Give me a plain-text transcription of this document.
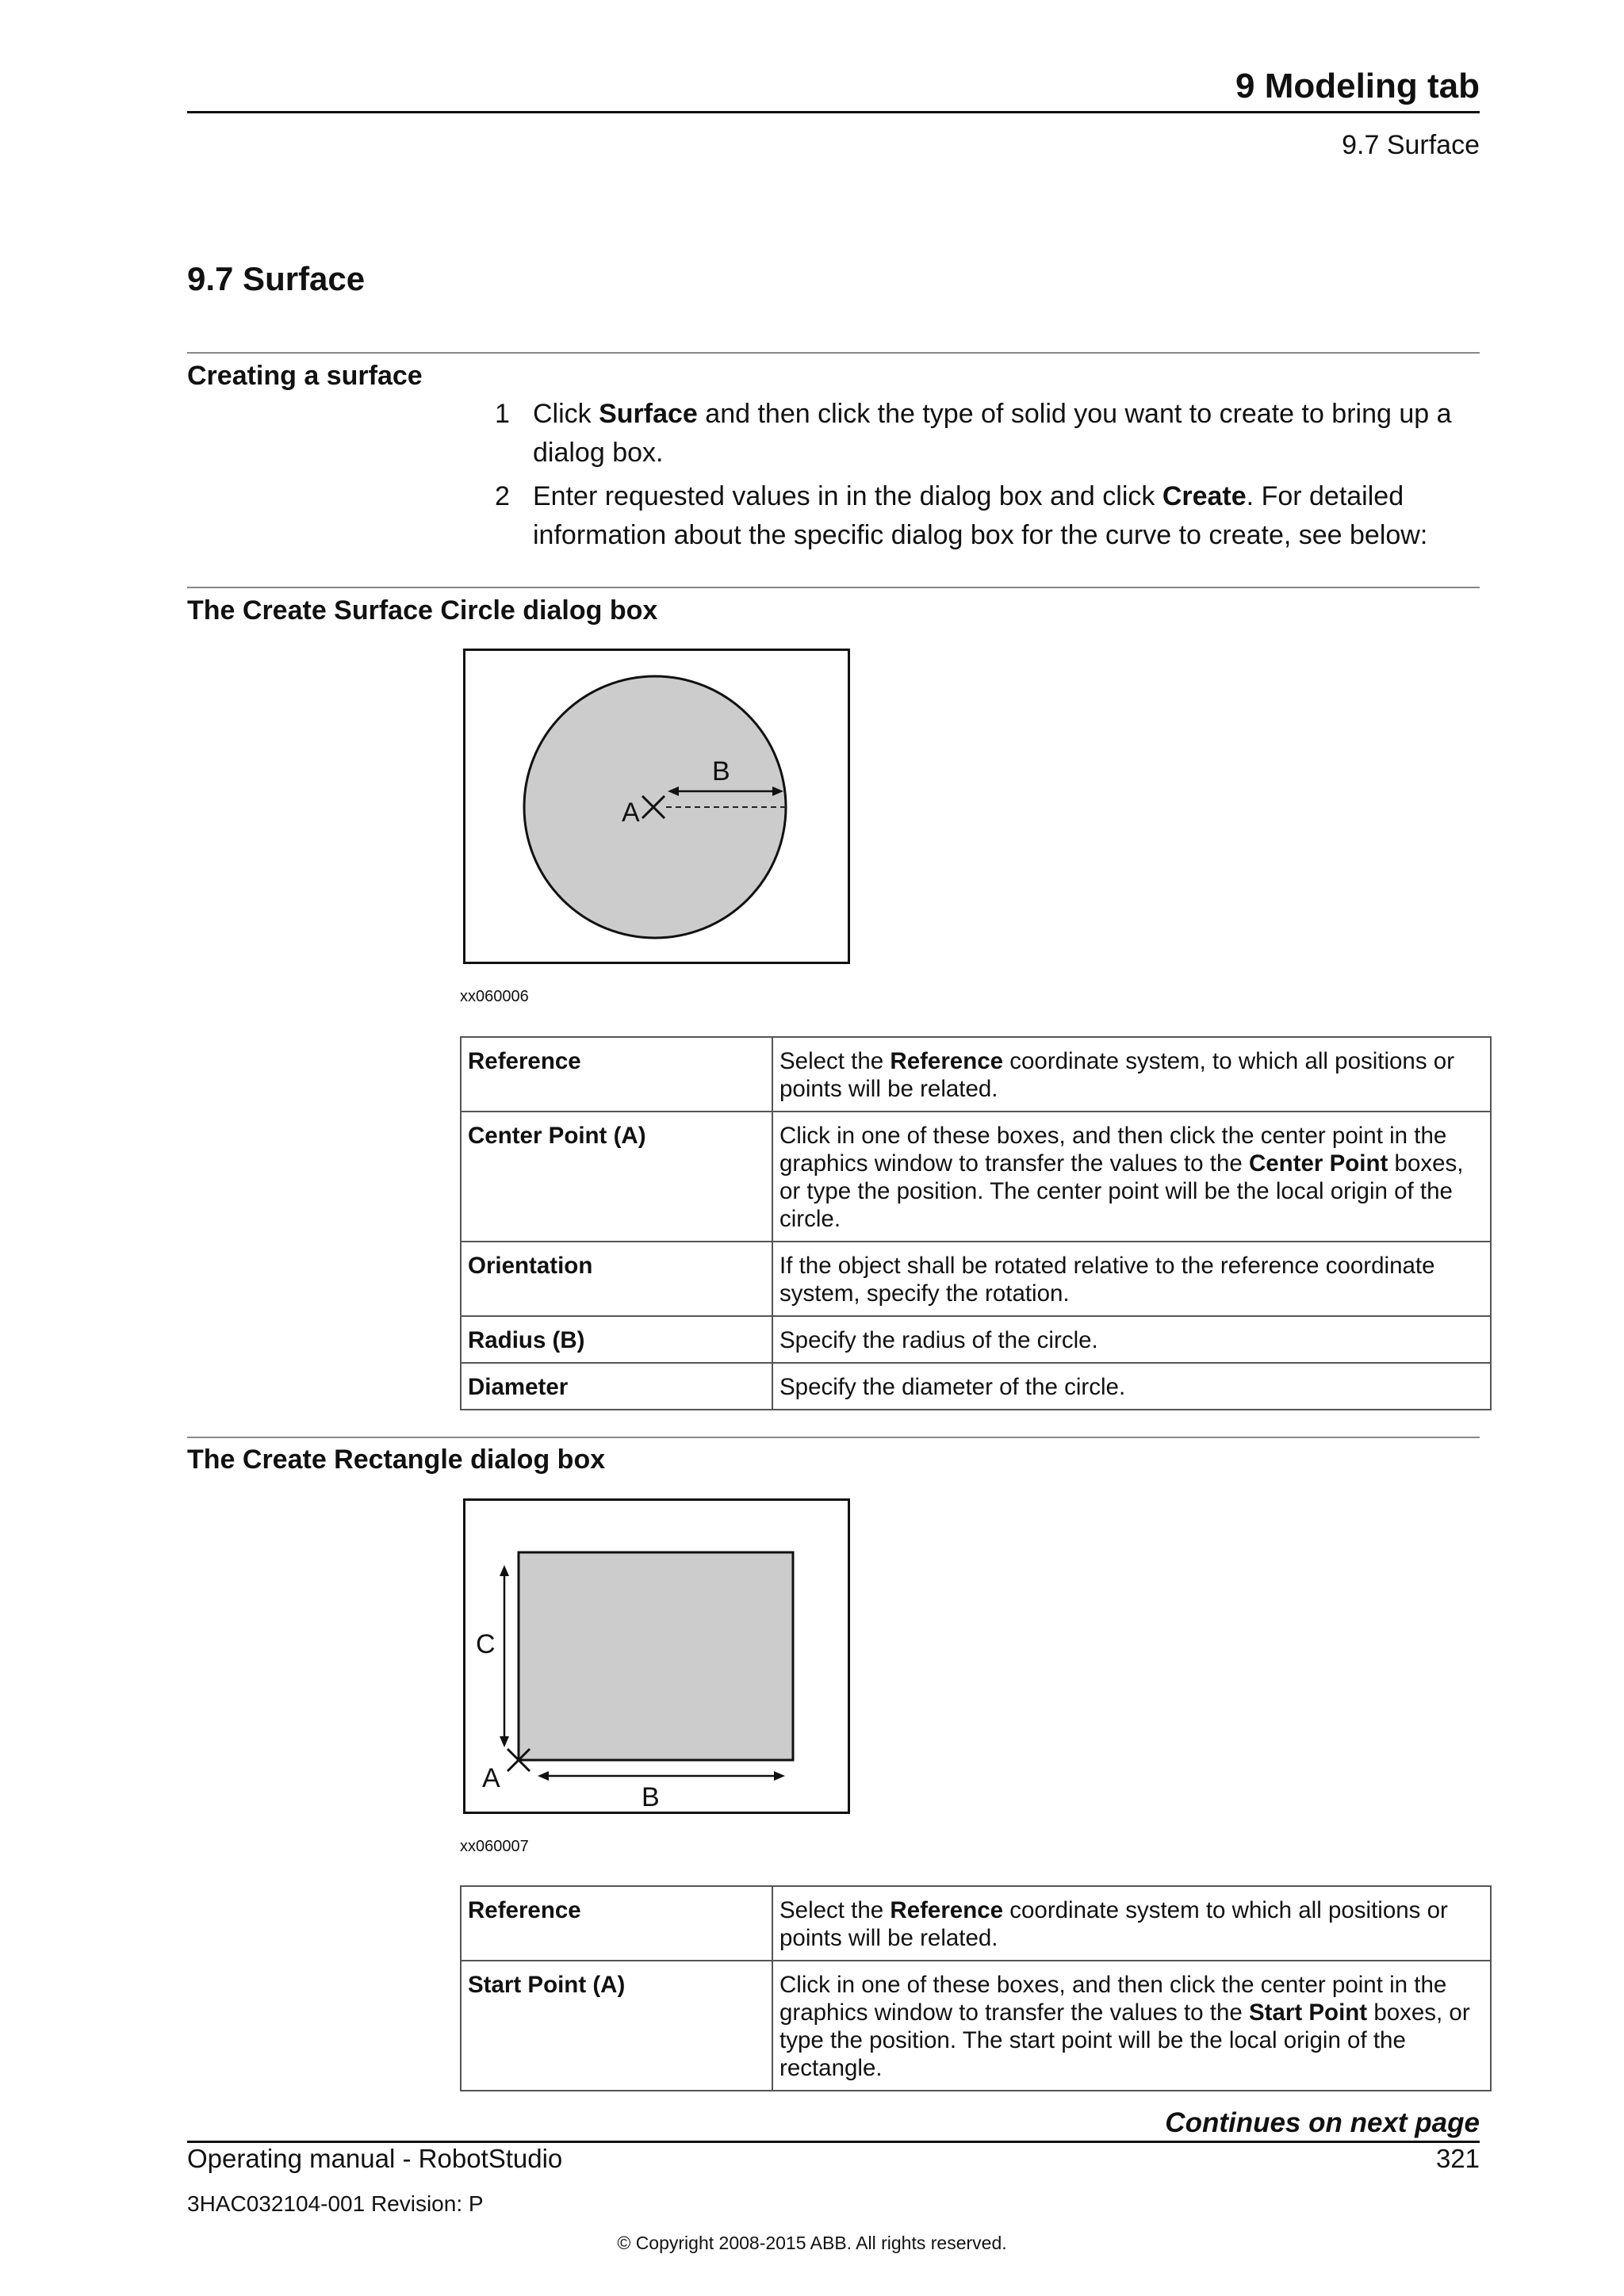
9 Modeling tab
9.7 Surface
9.7 Surface
Creating a surface
1 Click Surface and then click the type of solid you want to create to bring up a dialog box.
2 Enter requested values in in the dialog box and click Create. For detailed information about the specific dialog box for the curve to create, see below:
The Create Surface Circle dialog box
A
B
xx060006
Reference	Select the Reference coordinate system, to which all positions or points will be related.
Center Point (A)	Click in one of these boxes, and then click the center point in the graphics window to transfer the values to the Center Point boxes, or type the position. The center point will be the local origin of the circle.
Orientation	If the object shall be rotated relative to the reference coordinate system, specify the rotation.
Radius (B)	Specify the radius of the circle.
Diameter	Specify the diameter of the circle.
The Create Rectangle dialog box
C
A
B
xx060007
Reference	Select the Reference coordinate system to which all positions or points will be related.
Start Point (A)	Click in one of these boxes, and then click the center point in the graphics window to transfer the values to the Start Point boxes, or type the position. The start point will be the local origin of the rectangle.
Continues on next page
Operating manual - RobotStudio	321
3HAC032104-001 Revision: P
© Copyright 2008-2015 ABB. All rights reserved.
